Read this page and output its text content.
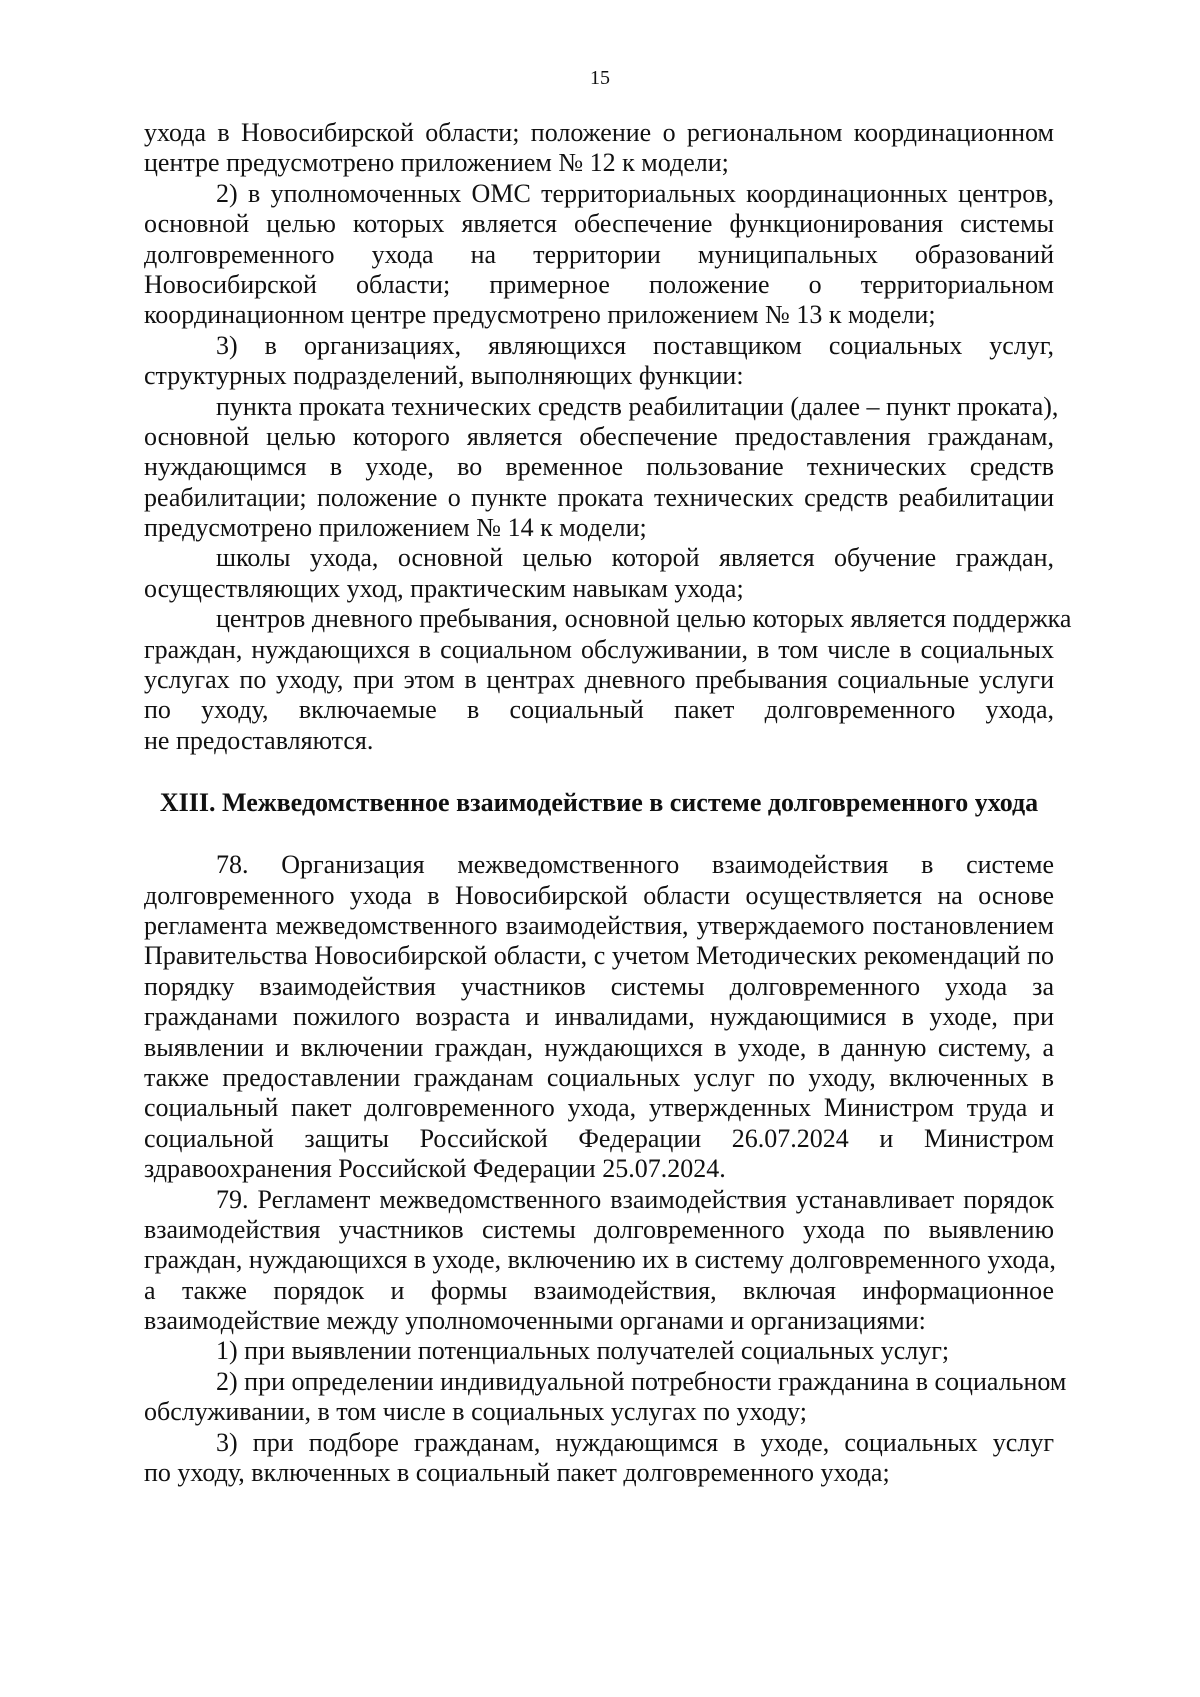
15
ухода в Новосибирской области; положение о региональном координационном
центре предусмотрено приложением № 12 к модели;
2) в уполномоченных ОМС территориальных координационных центров,
основной целью которых является обеспечение функционирования системы
долговременного ухода на территории муниципальных образований
Новосибирской области; примерное положение о территориальном
координационном центре предусмотрено приложением № 13 к модели;
3) в организациях, являющихся поставщиком социальных услуг,
структурных подразделений, выполняющих функции:
пункта проката технических средств реабилитации (далее – пункт проката),
основной целью которого является обеспечение предоставления гражданам,
нуждающимся в уходе, во временное пользование технических средств
реабилитации; положение о пункте проката технических средств реабилитации
предусмотрено приложением № 14 к модели;
школы ухода, основной целью которой является обучение граждан,
осуществляющих уход, практическим навыкам ухода;
центров дневного пребывания, основной целью которых является поддержка
граждан, нуждающихся в социальном обслуживании, в том числе в социальных
услугах по уходу, при этом в центрах дневного пребывания социальные услуги
по уходу, включаемые в социальный пакет долговременного ухода,
не предоставляются.
XIII. Межведомственное взаимодействие в системе долговременного ухода
78. Организация межведомственного взаимодействия в системе
долговременного ухода в Новосибирской области осуществляется на основе
регламента межведомственного взаимодействия, утверждаемого постановлением
Правительства Новосибирской области, с учетом Методических рекомендаций по
порядку взаимодействия участников системы долговременного ухода за
гражданами пожилого возраста и инвалидами, нуждающимися в уходе, при
выявлении и включении граждан, нуждающихся в уходе, в данную систему, а
также предоставлении гражданам социальных услуг по уходу, включенных в
социальный пакет долговременного ухода, утвержденных Министром труда и
социальной защиты Российской Федерации 26.07.2024 и Министром
здравоохранения Российской Федерации 25.07.2024.
79. Регламент межведомственного взаимодействия устанавливает порядок
взаимодействия участников системы долговременного ухода по выявлению
граждан, нуждающихся в уходе, включению их в систему долговременного ухода,
а также порядок и формы взаимодействия, включая информационное
взаимодействие между уполномоченными органами и организациями:
1) при выявлении потенциальных получателей социальных услуг;
2) при определении индивидуальной потребности гражданина в социальном
обслуживании, в том числе в социальных услугах по уходу;
3) при подборе гражданам, нуждающимся в уходе, социальных услуг
по уходу, включенных в социальный пакет долговременного ухода;
